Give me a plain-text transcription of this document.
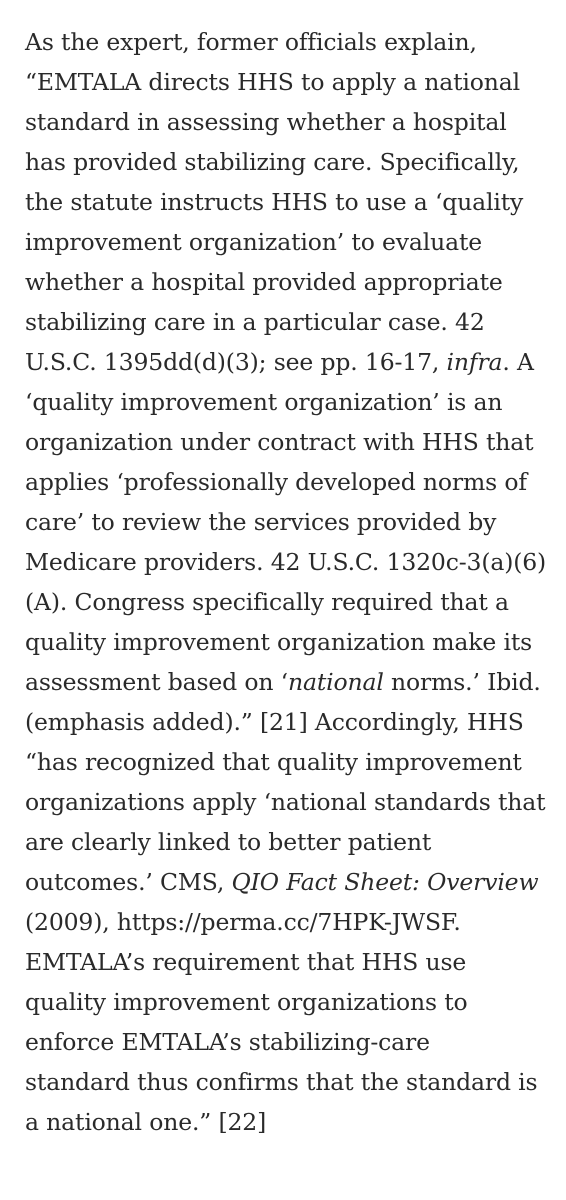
As the expert, former officials explain,
“EMTALA directs HHS to apply a national
standard in assessing whether a hospital
has provided stabilizing care. Specifically,
the statute instructs HHS to use a ‘quality
improvement organization’ to evaluate
whether a hospital provided appropriate
stabilizing care in a particular case. 42
U.S.C. 1395dd(d)(3); see pp. 16-17, infra. A
‘quality improvement organization’ is an
organization under contract with HHS that
applies ‘professionally developed norms of
care’ to review the services provided by
Medicare providers. 42 U.S.C. 1320c-3(a)(6)
(A). Congress specifically required that a
quality improvement organization make its
assessment based on ‘national norms.’ Ibid.
(emphasis added).” [21] Accordingly, HHS
“has recognized that quality improvement
organizations apply ‘national standards that
are clearly linked to better patient
outcomes.’ CMS, QIO Fact Sheet: Overview
(2009), https://perma.cc/7HPK-JWSF.
EMTALA’s requirement that HHS use
quality improvement organizations to
enforce EMTALA’s stabilizing-care
standard thus confirms that the standard is
a national one.” [22]
